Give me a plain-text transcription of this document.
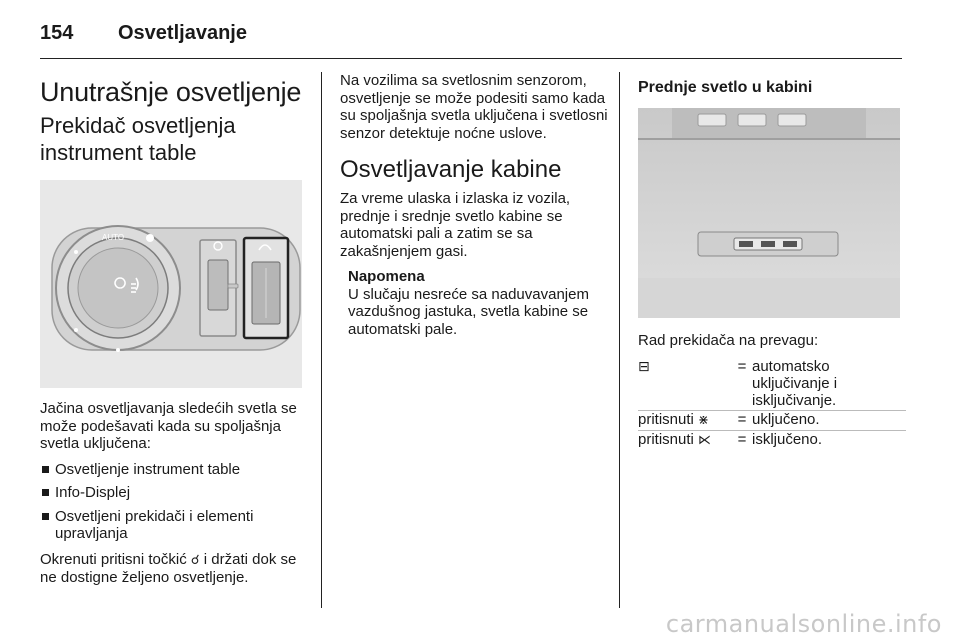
154 Osvetljavanje
Unutrašnje osvetljenje
Prekidač osvetljenja instrument table
AUTO

Jačina osvetljavanja sledećih svetla se može podešavati kada su spoljašnja svetla uključena:

Osvetljenje instrument table
Info-Displej
Osvetljeni prekidači i elementi upravljanja

Okrenuti pritisni točkić ☌ i držati dok se ne dostigne željeno osvetljenje.

Na vozilima sa svetlosnim senzorom, osvetljenje se može podesiti samo kada su spoljašnja svetla uključena i svetlosni senzor detektuje noćne uslove.

Osvetljavanje kabine

Za vreme ulaska i izlaska iz vozila, prednje i srednje svetlo kabine se automatski pali a zatim se sa zakašnjenjem gasi.

Napomena

U slučaju nesreće sa naduvavanjem vazdušnog jastuka, svetla kabine se automatski pale.

Prednje svetlo u kabini

Rad prekidača na prevagu:

⊟	=	automatsko uključivanje i isključivanje.
pritisnuti ⋇	=	uključeno.
pritisnuti ⋉	=	isključeno.
carmanualsonline.info
